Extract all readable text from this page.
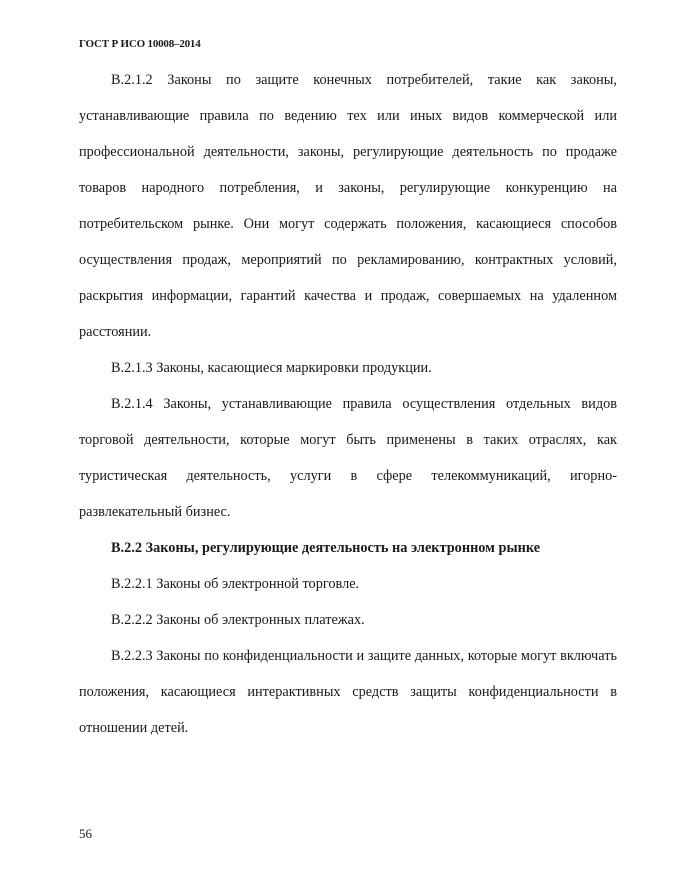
ГОСТ Р ИСО 10008–2014

В.2.1.2 Законы по защите конечных потребителей, такие как законы, устанавливающие правила по ведению тех или иных видов коммерческой или профессиональной деятельности, законы, регулирующие деятельность по продаже товаров народного потребления, и законы, регулирующие конкуренцию на потребительском рынке. Они могут содержать положения, касающиеся способов осуществления продаж, мероприятий по рекламированию, контрактных условий, раскрытия информации, гарантий качества и продаж, совершаемых на удаленном расстоянии.

В.2.1.3 Законы, касающиеся маркировки продукции.

В.2.1.4 Законы, устанавливающие правила осуществления отдельных видов торговой деятельности, которые могут быть применены в таких отраслях, как туристическая деятельность, услуги в сфере телекоммуникаций, игорно-развлекательный бизнес.

В.2.2 Законы, регулирующие деятельность на электронном рынке

В.2.2.1 Законы об электронной торговле.

В.2.2.2 Законы об электронных платежах.

В.2.2.3 Законы по конфиденциальности и защите данных, которые могут включать положения, касающиеся интерактивных средств защиты конфиденциальности в отношении детей.

56
